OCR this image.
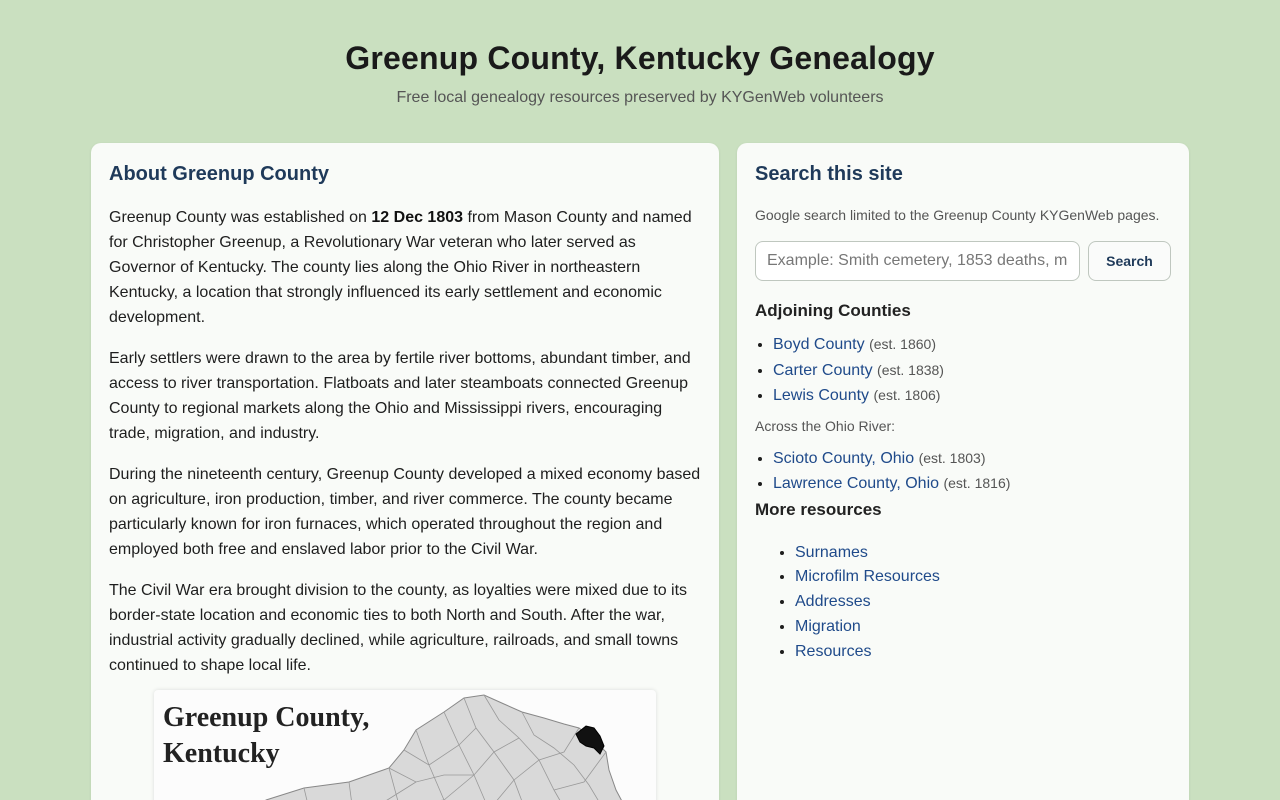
Greenup County, Kentucky Genealogy
Free local genealogy resources preserved by KYGenWeb volunteers
About Greenup County

Greenup County was established on 12 Dec 1803 from Mason County and named for Christopher Greenup, a Revolutionary War veteran who later served as Governor of Kentucky. The county lies along the Ohio River in northeastern Kentucky, a location that strongly influenced its early settlement and economic development.

Early settlers were drawn to the area by fertile river bottoms, abundant timber, and access to river transportation. Flatboats and later steamboats connected Greenup County to regional markets along the Ohio and Mississippi rivers, encouraging trade, migration, and industry.

During the nineteenth century, Greenup County developed a mixed economy based on agriculture, iron production, timber, and river commerce. The county became particularly known for iron furnaces, which operated throughout the region and employed both free and enslaved labor prior to the Civil War.

The Civil War era brought division to the county, as loyalties were mixed due to its border-state location and economic ties to both North and South. After the war, industrial activity gradually declined, while agriculture, railroads, and small towns continued to shape local life.

Greenup County,
Kentucky
Search this site
Google search limited to the Greenup County KYGenWeb pages.
Example: Smith cemetery, 1853 deaths, marriages
Search
Adjoining Counties
• Boyd County (est. 1860)
• Carter County (est. 1838)
• Lewis County (est. 1806)
Across the Ohio River:
• Scioto County, Ohio (est. 1803)
• Lawrence County, Ohio (est. 1816)
More resources
• Surnames
• Microfilm Resources
• Addresses
• Migration
• Resources
